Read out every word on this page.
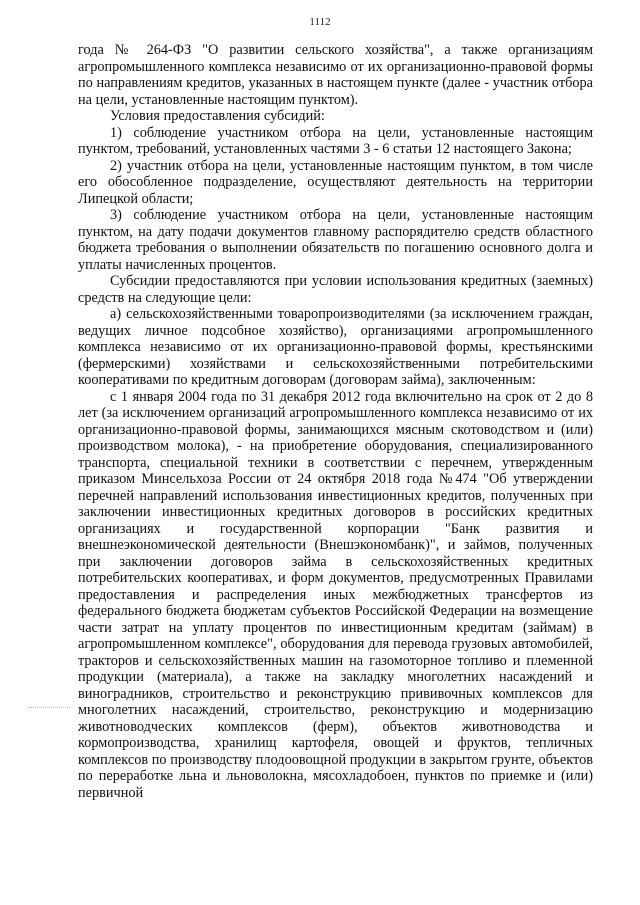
1112

года № 264-ФЗ "О развитии сельского хозяйства", а также организациям агропромышленного комплекса независимо от их организационно-правовой формы по направлениям кредитов, указанных в настоящем пункте (далее - участник отбора на цели, установленные настоящим пунктом).

Условия предоставления субсидий:

1) соблюдение участником отбора на цели, установленные настоящим пунктом, требований, установленных частями 3 - 6 статьи 12 настоящего Закона;

2) участник отбора на цели, установленные настоящим пунктом, в том числе его обособленное подразделение, осуществляют деятельность на территории Липецкой области;

3) соблюдение участником отбора на цели, установленные настоящим пунктом, на дату подачи документов главному распорядителю средств областного бюджета требования о выполнении обязательств по погашению основного долга и уплаты начисленных процентов.

Субсидии предоставляются при условии использования кредитных (заемных) средств на следующие цели:

а) сельскохозяйственными товаропроизводителями (за исключением граждан, ведущих личное подсобное хозяйство), организациями агропромышленного комплекса независимо от их организационно-правовой формы, крестьянскими (фермерскими) хозяйствами и сельскохозяйственными потребительскими кооперативами по кредитным договорам (договорам займа), заключенным:

с 1 января 2004 года по 31 декабря 2012 года включительно на срок от 2 до 8 лет (за исключением организаций агропромышленного комплекса независимо от их организационно-правовой формы, занимающихся мясным скотоводством и (или) производством молока), - на приобретение оборудования, специализированного транспорта, специальной техники в соответствии с перечнем, утвержденным приказом Минсельхоза России от 24 октября 2018 года №474 "Об утверждении перечней направлений использования инвестиционных кредитов, полученных при заключении инвестиционных кредитных договоров в российских кредитных организациях и государственной корпорации "Банк развития и внешнеэкономической деятельности (Внешэкономбанк)", и займов, полученных при заключении договоров займа в сельскохозяйственных кредитных потребительских кооперативах, и форм документов, предусмотренных Правилами предоставления и распределения иных межбюджетных трансфертов из федерального бюджета бюджетам субъектов Российской Федерации на возмещение части затрат на уплату процентов по инвестиционным кредитам (займам) в агропромышленном комплексе", оборудования для перевода грузовых автомобилей, тракторов и сельскохозяйственных машин на газомоторное топливо и племенной продукции (материала), а также на закладку многолетних насаждений и виноградников, строительство и реконструкцию прививочных комплексов для многолетних насаждений, строительство, реконструкцию и модернизацию животноводческих комплексов (ферм), объектов животноводства и кормопроизводства, хранилищ картофеля, овощей и фруктов, тепличных комплексов по производству плодоовощной продукции в закрытом грунте, объектов по переработке льна и льноволокна, мясохладобоен, пунктов по приемке и (или) первичной
